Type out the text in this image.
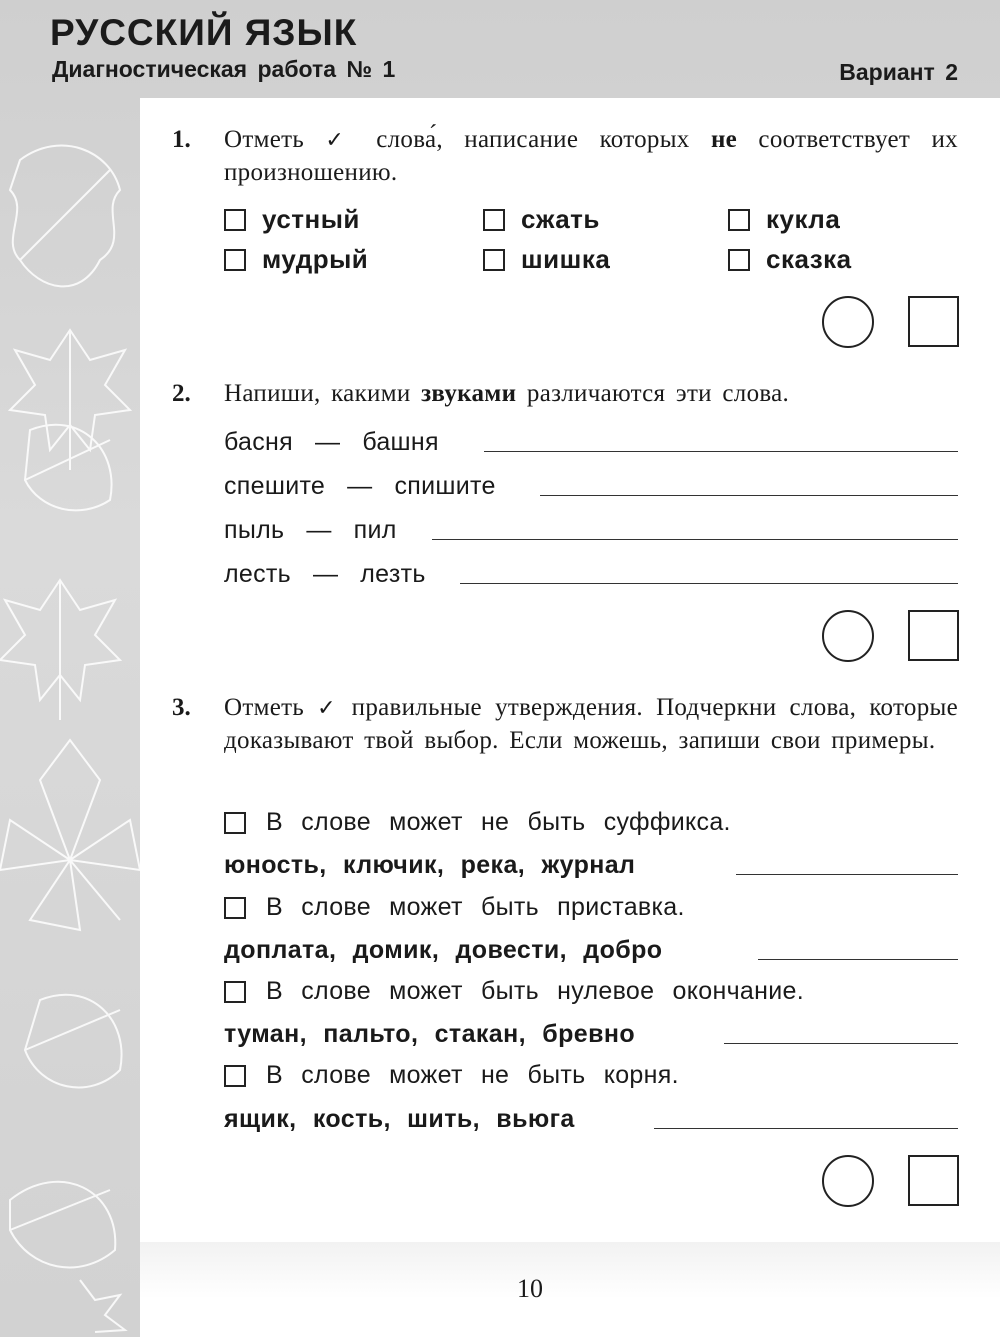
РУССКИЙ ЯЗЫК
Диагностическая работа № 1	Вариант 2
1. Отметь ✓ слова́, написание которых не соответствует их произношению.
устный
мудрый
сжать
шишка
кукла
сказка
2. Напиши, какими звуками различаются эти слова.
басня — башня
спешите — спишите
пыль — пил
лесть — лезть
3. Отметь ✓ правильные утверждения. Подчеркни слова, которые доказывают твой выбор. Если можешь, запиши свои примеры.
В слове может не быть суффикса.
юность, ключик, река, журнал
В слове может быть приставка.
доплата, домик, довести, добро
В слове может быть нулевое окончание.
туман, пальто, стакан, бревно
В слове может не быть корня.
ящик, кость, шить, вьюга
10
